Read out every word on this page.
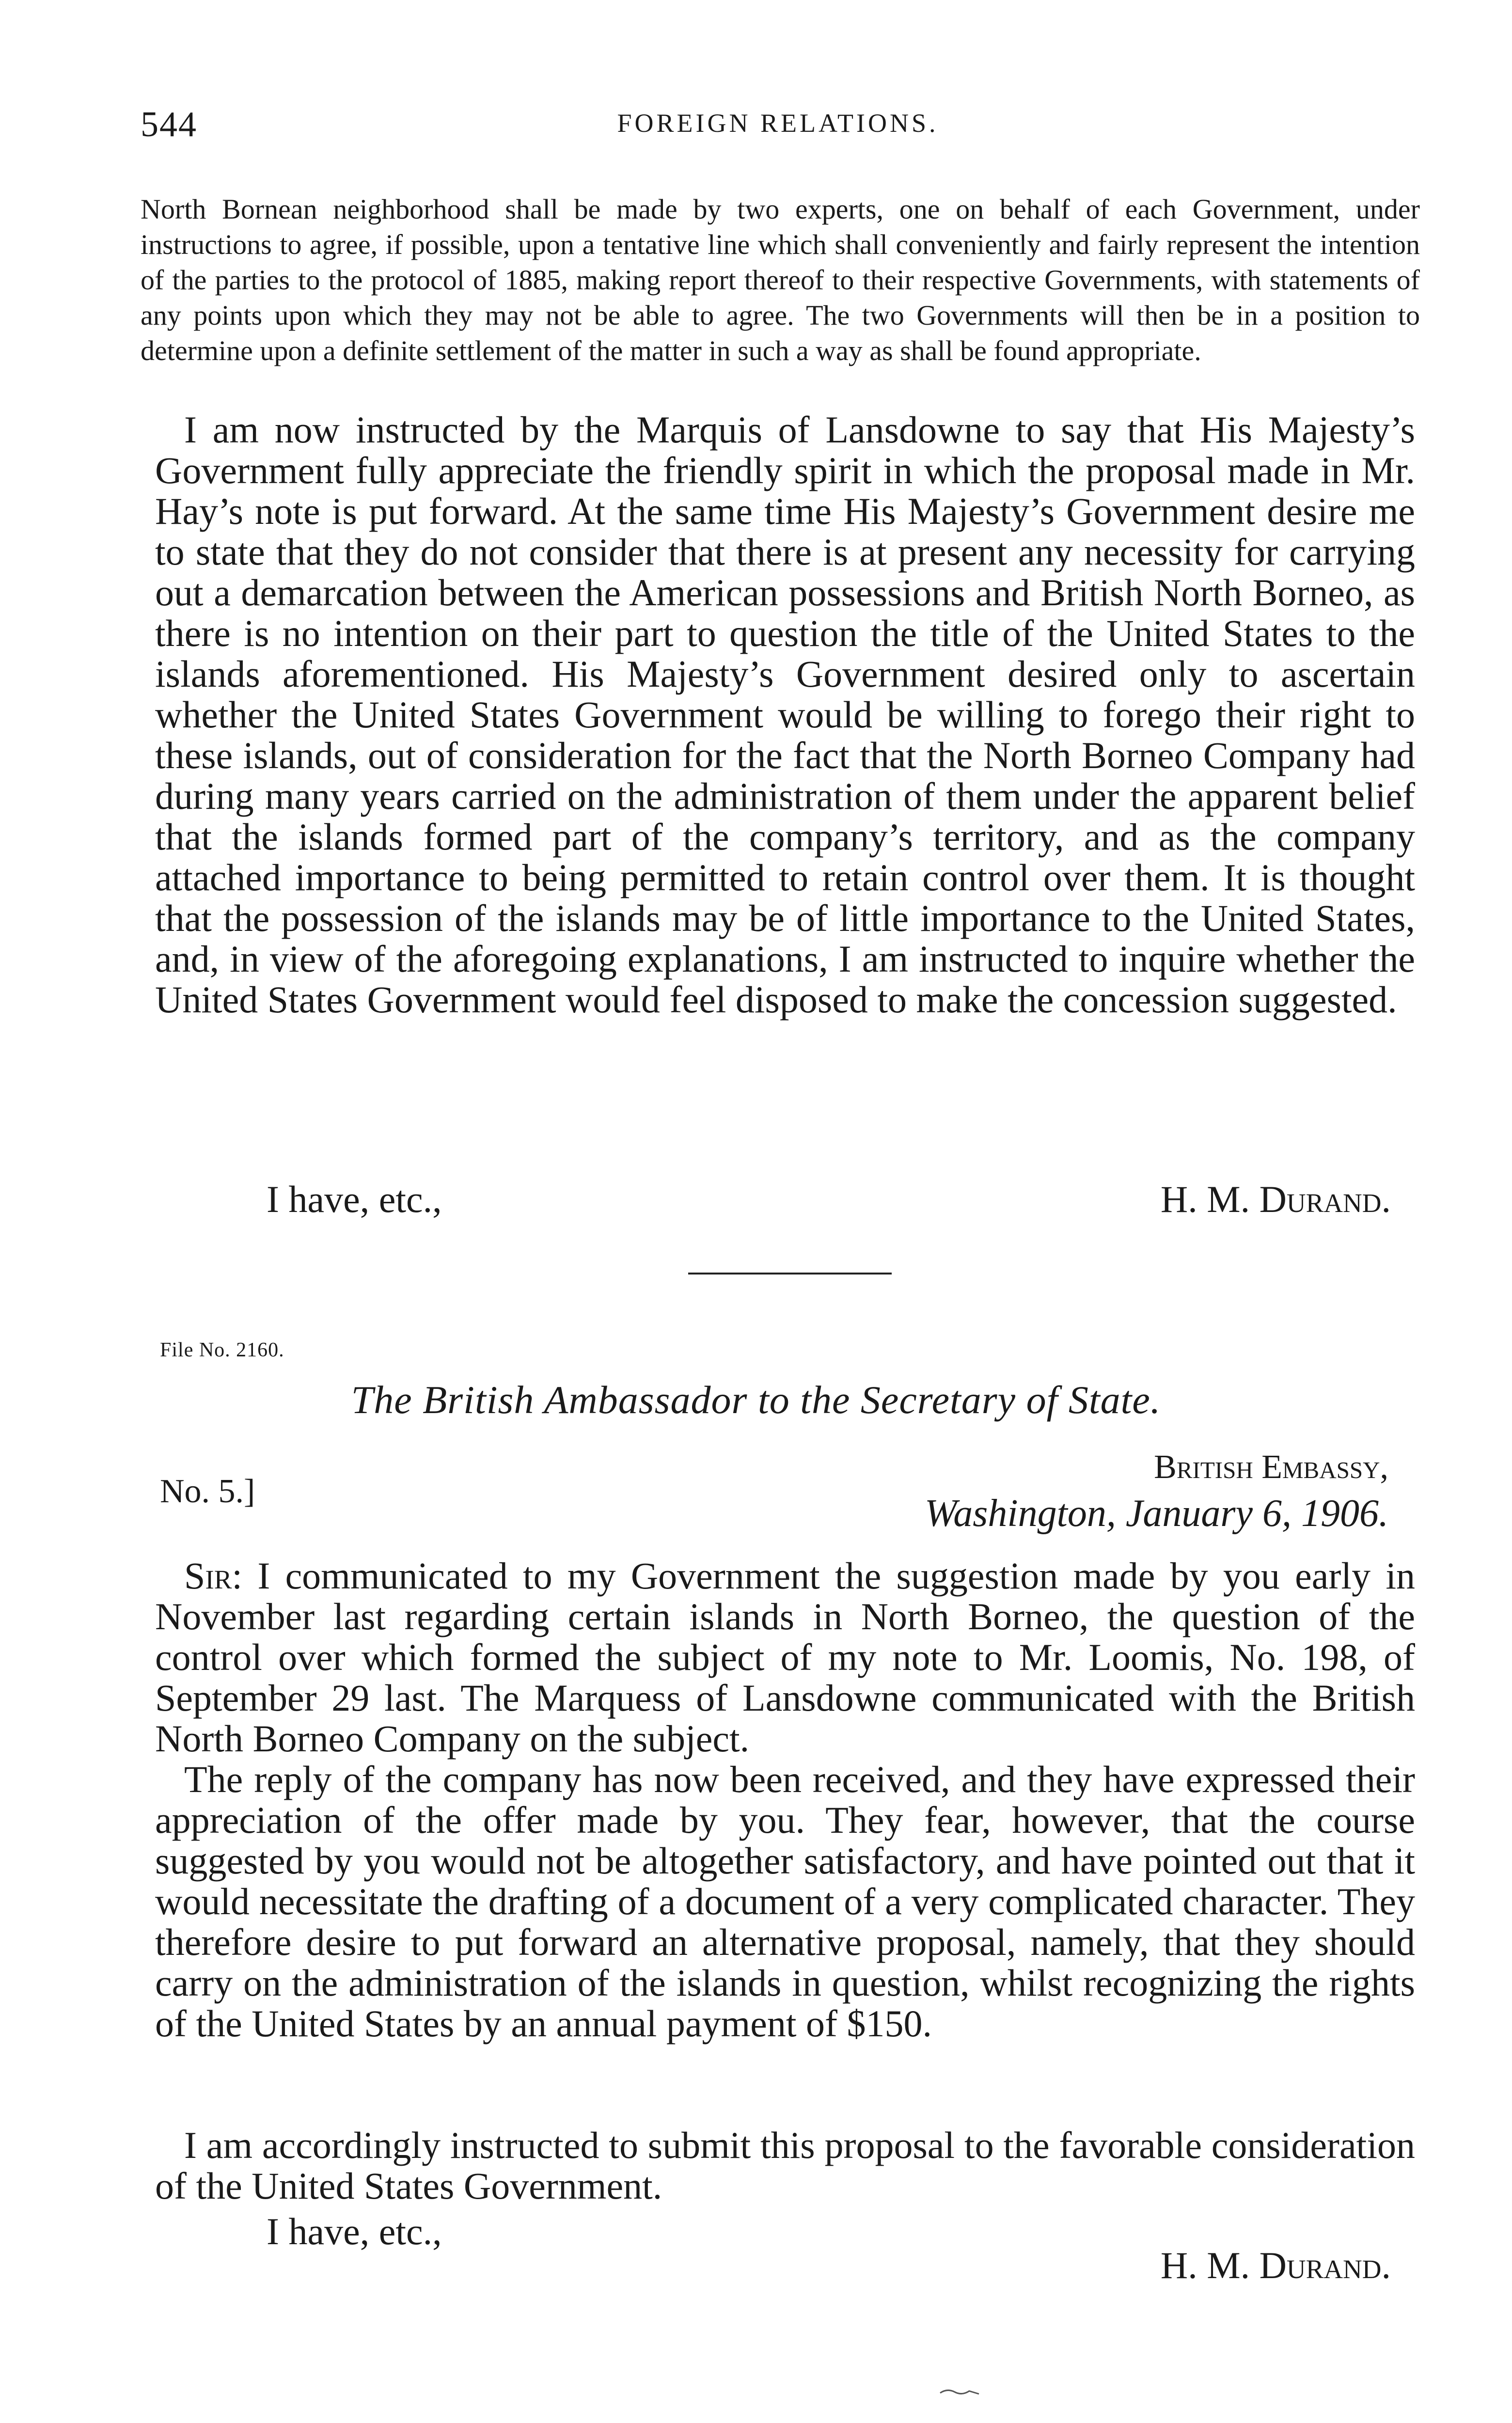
544	FOREIGN RELATIONS.

North Bornean neighborhood shall be made by two experts, one on behalf of each Government, under instructions to agree, if possible, upon a tentative line which shall conveniently and fairly represent the intention of the parties to the protocol of 1885, making report thereof to their respective Governments, with statements of any points upon which they may not be able to agree. The two Governments will then be in a position to determine upon a definite settlement of the matter in such a way as shall be found appropriate.

I am now instructed by the Marquis of Lansdowne to say that His Majesty’s Government fully appreciate the friendly spirit in which the proposal made in Mr. Hay’s note is put forward. At the same time His Majesty’s Government desire me to state that they do not consider that there is at present any necessity for carrying out a demarcation between the American possessions and British North Borneo, as there is no intention on their part to question the title of the United States to the islands aforementioned. His Majesty’s Government desired only to ascertain whether the United States Government would be willing to forego their right to these islands, out of consideration for the fact that the North Borneo Company had during many years carried on the administration of them under the apparent belief that the islands formed part of the company’s territory, and as the company attached importance to being permitted to retain control over them. It is thought that the possession of the islands may be of little importance to the United States, and, in view of the aforegoing explanations, I am instructed to inquire whether the United States Government would feel disposed to make the concession suggested.

I have, etc.,	H. M. Durand.
File No. 2160.
The British Ambassador to the Secretary of State.
British Embassy,
No. 5.]
Washington, January 6, 1906.

Sir: I communicated to my Government the suggestion made by you early in November last regarding certain islands in North Borneo, the question of the control over which formed the subject of my note to Mr. Loomis, No. 198, of September 29 last. The Marquess of Lansdowne communicated with the British North Borneo Company on the subject.

The reply of the company has now been received, and they have expressed their appreciation of the offer made by you. They fear, however, that the course suggested by you would not be altogether satisfactory, and have pointed out that it would necessitate the drafting of a document of a very complicated character. They therefore desire to put forward an alternative proposal, namely, that they should carry on the administration of the islands in question, whilst recognizing the rights of the United States by an annual payment of $150.

I am accordingly instructed to submit this proposal to the favorable consideration of the United States Government.

I have, etc.,
H. M. Durand.
